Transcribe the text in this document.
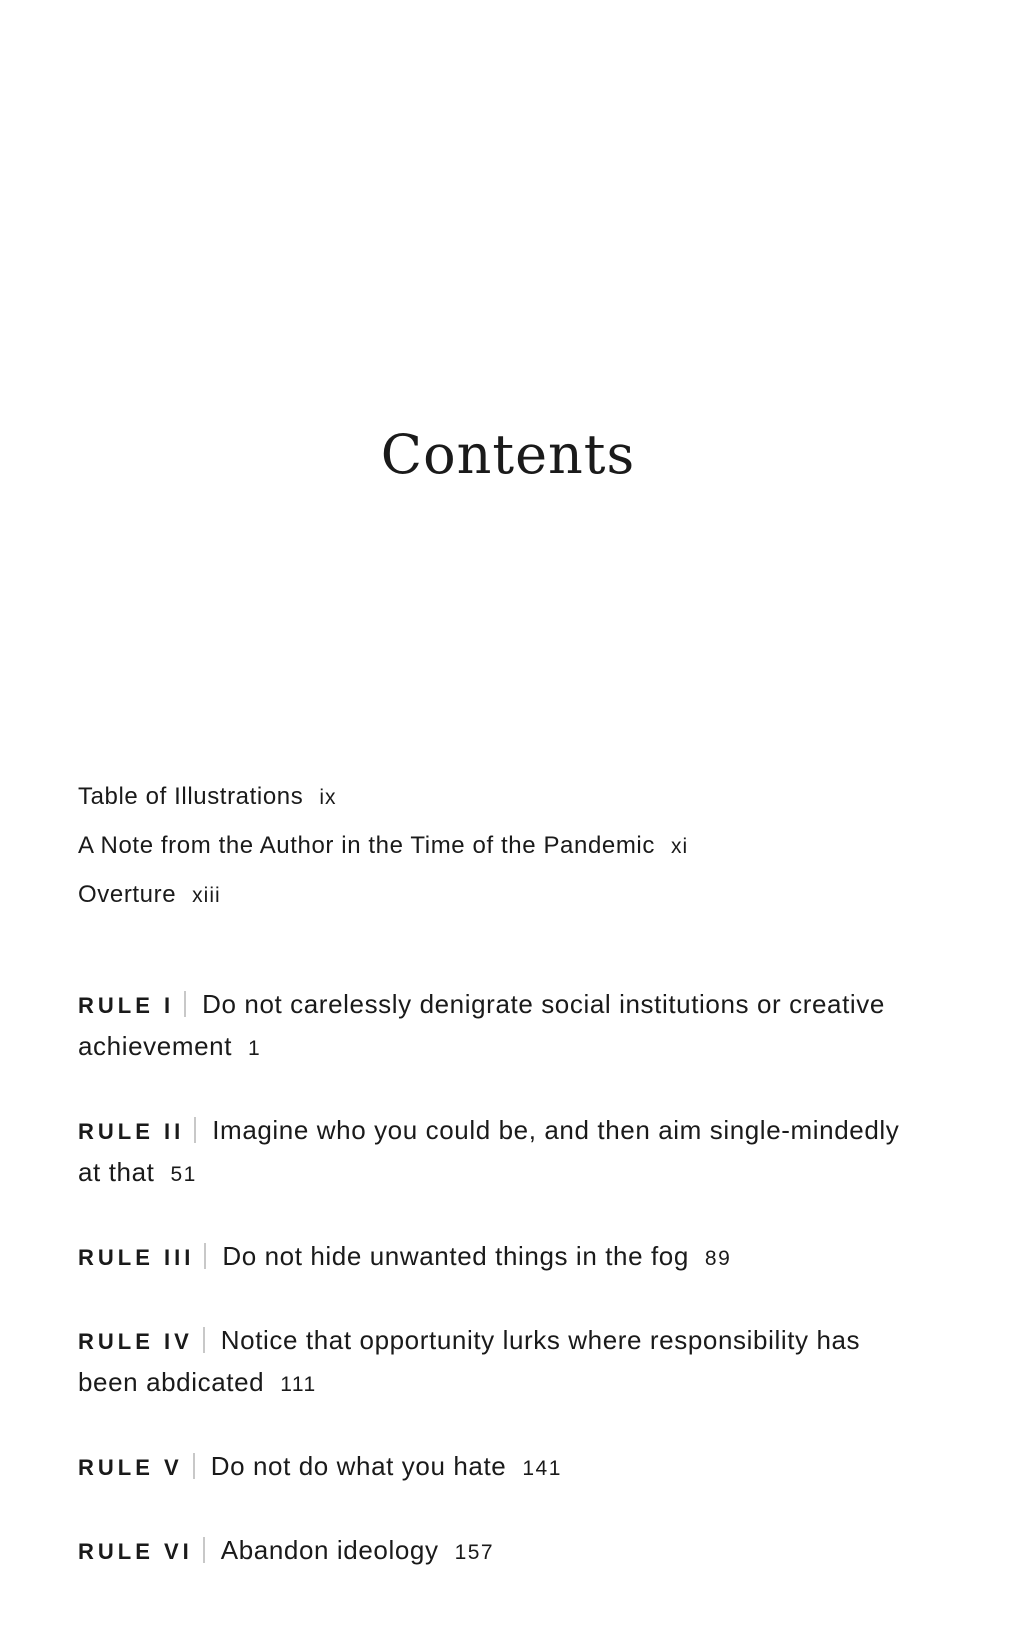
Contents
Table of Illustrations ix
A Note from the Author in the Time of the Pandemic xi
Overture xiii

RULE I Do not carelessly denigrate social institutions or creative achievement 1

RULE II Imagine who you could be, and then aim single-mindedly at that 51

RULE III Do not hide unwanted things in the fog 89

RULE IV Notice that opportunity lurks where responsibility has been abdicated 111

RULE V Do not do what you hate 141

RULE VI Abandon ideology 157
